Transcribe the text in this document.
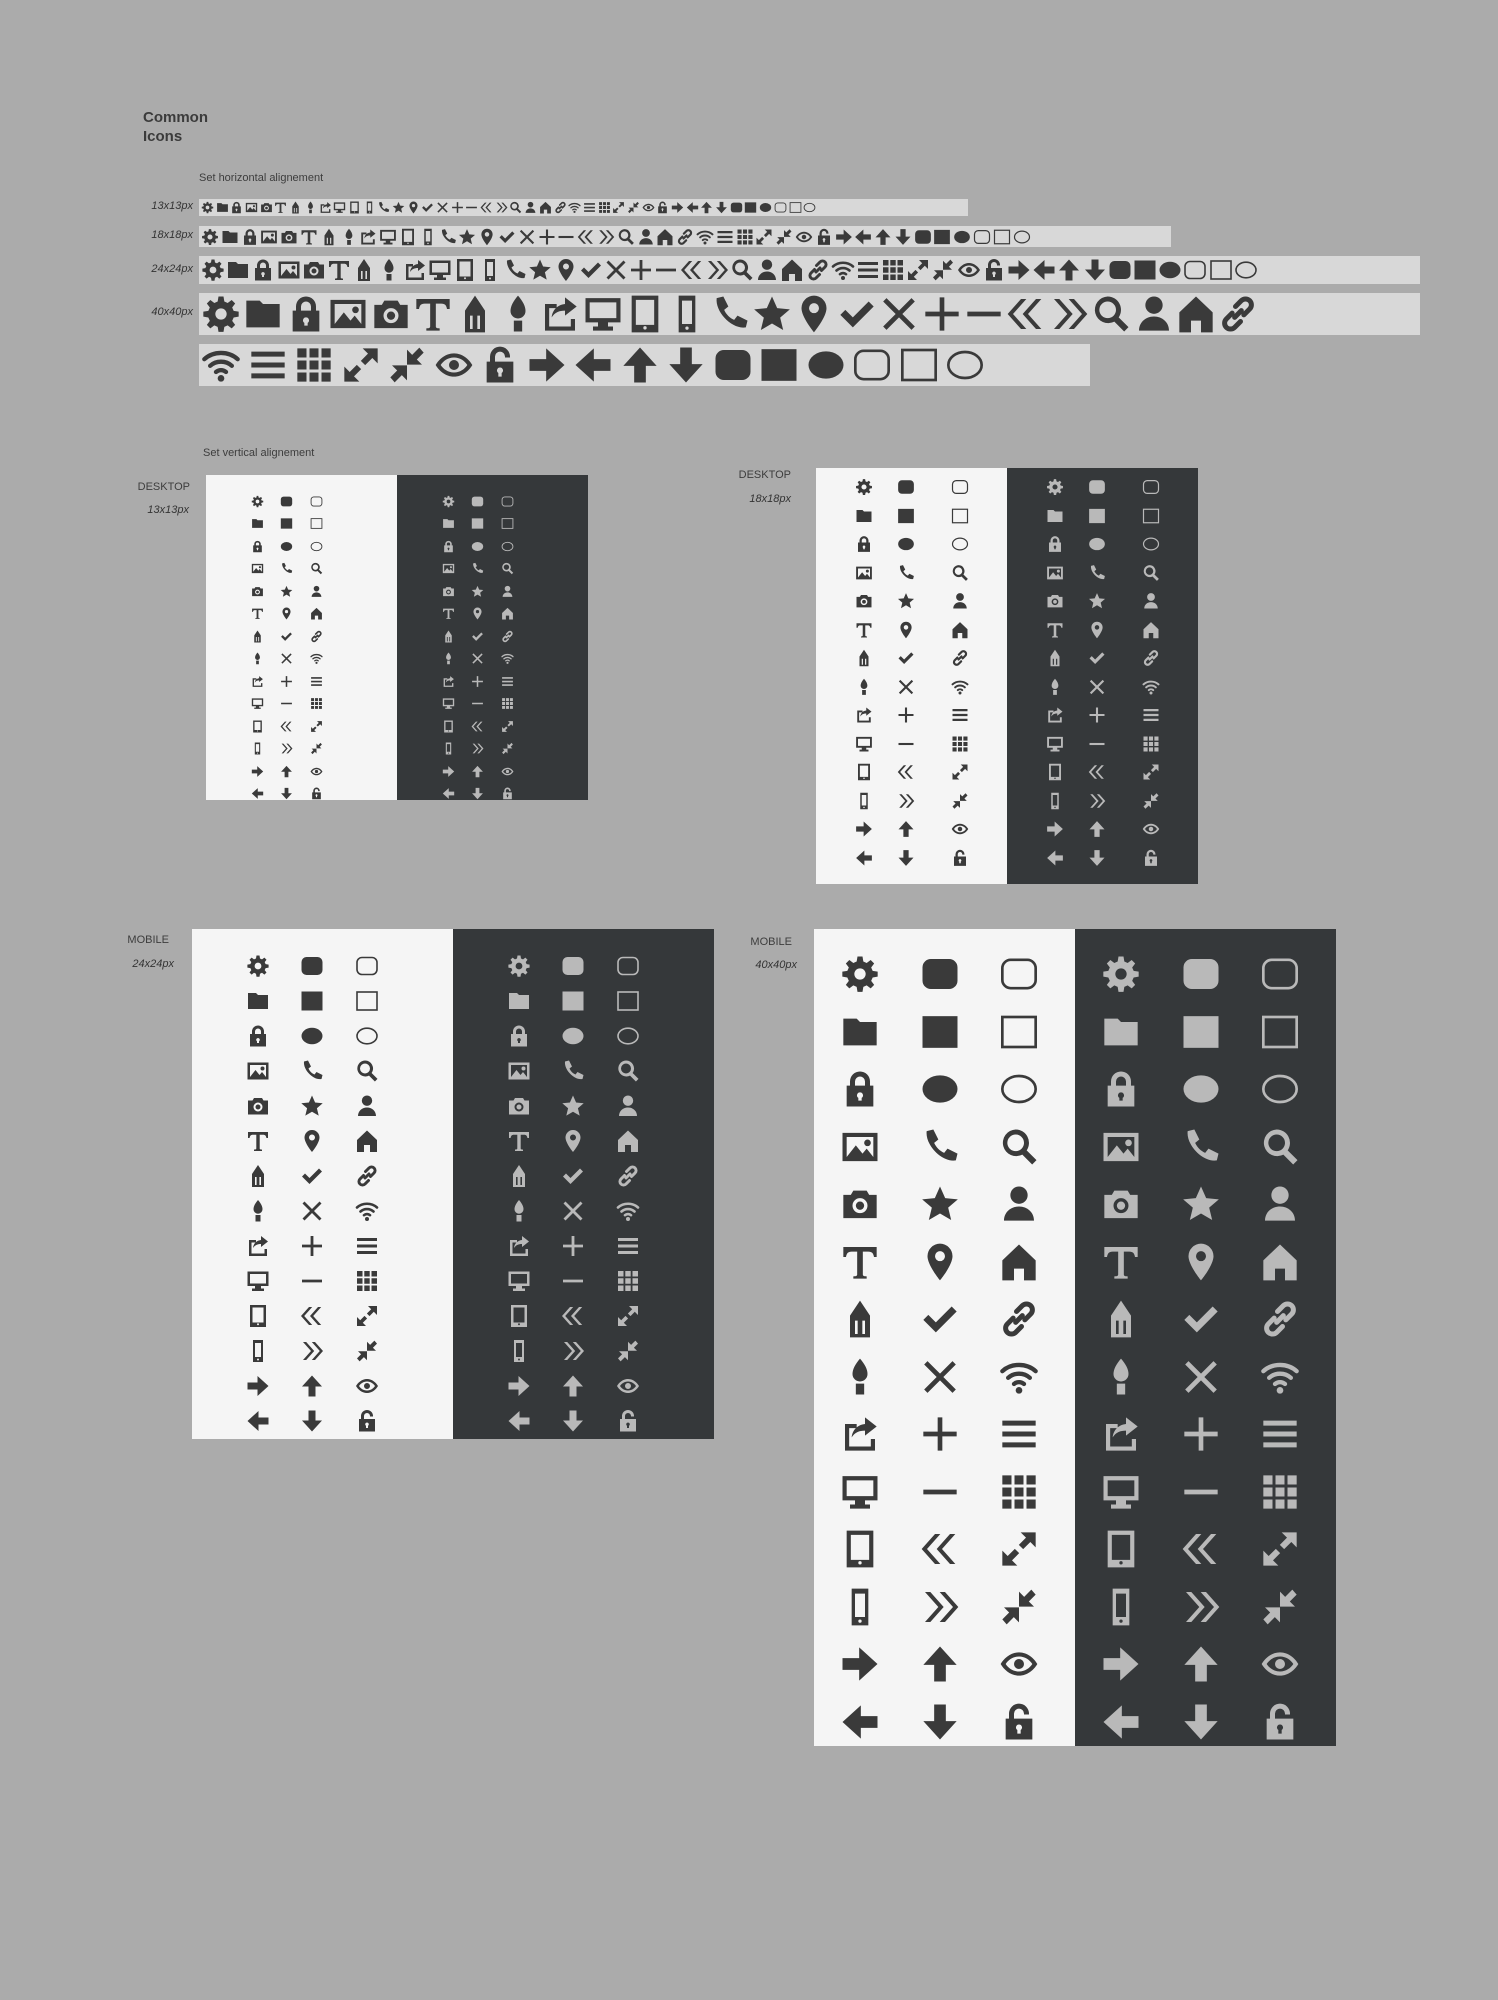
Common
Icons
Set horizontal alignement
13x13px
18x18px
24x24px
40x40px
Set vertical alignement
DESKTOP
13x13px
DESKTOP
18x18px
MOBILE
24x24px
MOBILE
40x40px
